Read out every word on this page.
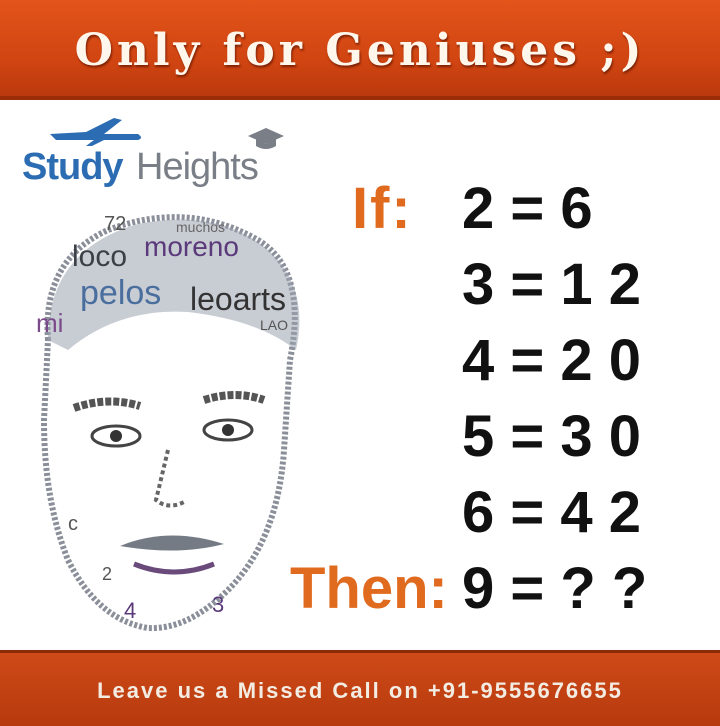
Only for Geniuses ;)
Study Heights
72	muchos
loco moreno
pelos leoarts
LAO
mi
4	3
c
2
If: 2 = 6
3 = 1 2
4 = 2 0
5 = 3 0
6 = 4 2
Then: 9 = ? ?
Leave us a Missed Call on +91-9555676655
